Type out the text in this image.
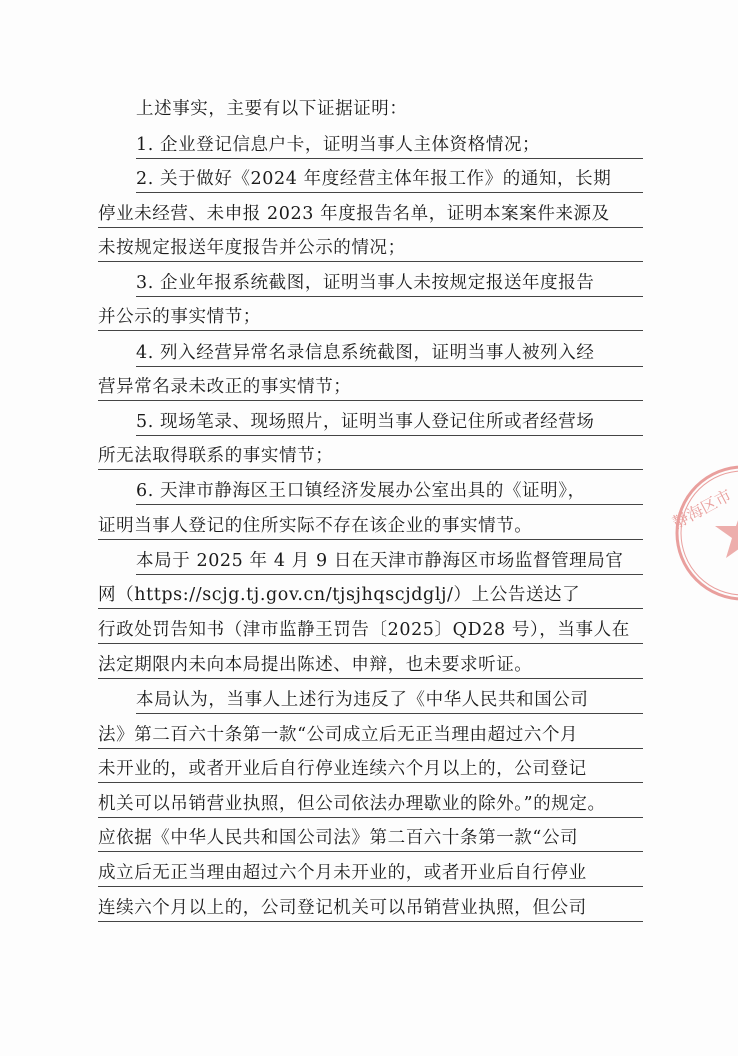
上述事实，主要有以下证据证明：
1. 企业登记信息户卡，证明当事人主体资格情况；
2. 关于做好《2024 年度经营主体年报工作》的通知，长期
停业未经营、未申报 2023 年度报告名单，证明本案案件来源及
未按规定报送年度报告并公示的情况；
3. 企业年报系统截图，证明当事人未按规定报送年度报告
并公示的事实情节；
4. 列入经营异常名录信息系统截图，证明当事人被列入经
营异常名录未改正的事实情节；
5. 现场笔录、现场照片，证明当事人登记住所或者经营场
所无法取得联系的事实情节；
6. 天津市静海区王口镇经济发展办公室出具的《证明》，
证明当事人登记的住所实际不存在该企业的事实情节。
本局于 2025 年 4 月 9 日在天津市静海区市场监督管理局官
网（https://scjg.tj.gov.cn/tjsjhqscjdglj/）上公告送达了
行政处罚告知书（津市监静王罚告〔2025〕QD28 号），当事人在
法定期限内未向本局提出陈述、申辩，也未要求听证。
本局认为，当事人上述行为违反了《中华人民共和国公司
法》第二百六十条第一款“公司成立后无正当理由超过六个月
未开业的，或者开业后自行停业连续六个月以上的，公司登记
机关可以吊销营业执照，但公司依法办理歇业的除外。”的规定。
应依据《中华人民共和国公司法》第二百六十条第一款“公司
成立后无正当理由超过六个月未开业的，或者开业后自行停业
连续六个月以上的，公司登记机关可以吊销营业执照，但公司
静海区市
